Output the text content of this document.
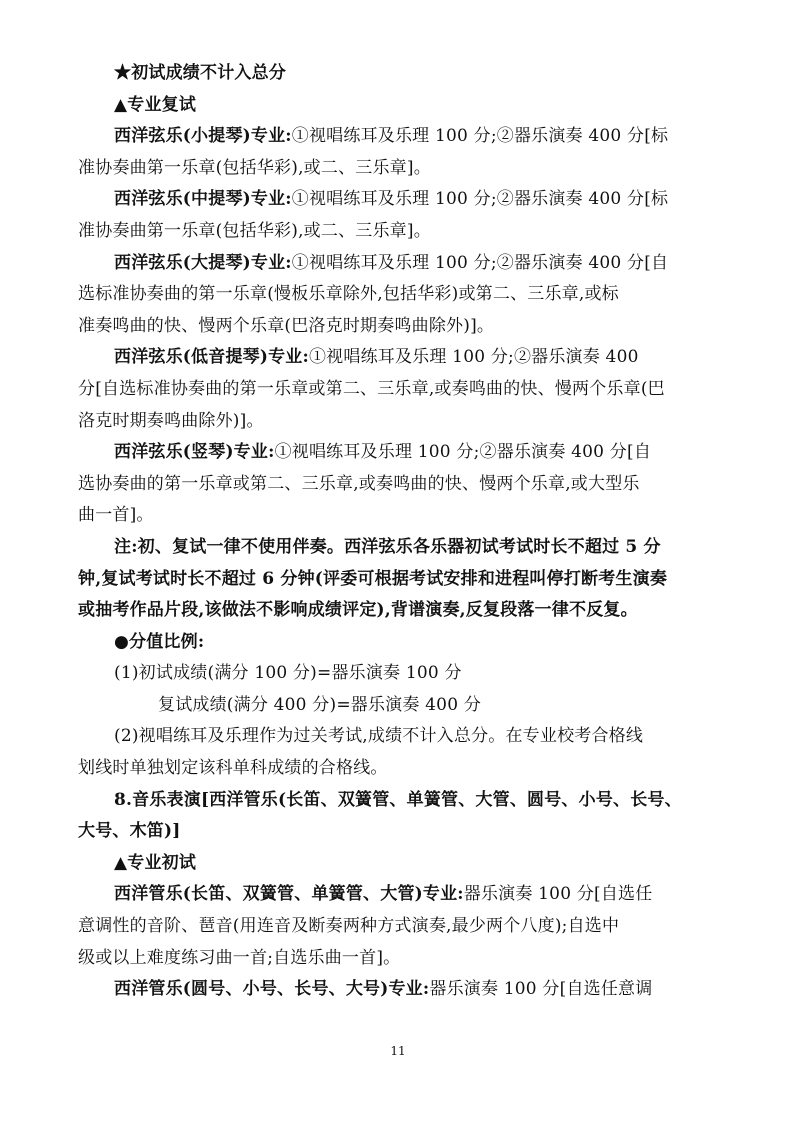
★初试成绩不计入总分
▲专业复试
西洋弦乐(小提琴)专业:①视唱练耳及乐理 100 分;②器乐演奏 400 分[标
准协奏曲第一乐章(包括华彩),或二、三乐章]。
西洋弦乐(中提琴)专业:①视唱练耳及乐理 100 分;②器乐演奏 400 分[标
准协奏曲第一乐章(包括华彩),或二、三乐章]。
西洋弦乐(大提琴)专业:①视唱练耳及乐理 100 分;②器乐演奏 400 分[自
选标准协奏曲的第一乐章(慢板乐章除外,包括华彩)或第二、三乐章,或标
准奏鸣曲的快、慢两个乐章(巴洛克时期奏鸣曲除外)]。
西洋弦乐(低音提琴)专业:①视唱练耳及乐理 100 分;②器乐演奏 400
分[自选标准协奏曲的第一乐章或第二、三乐章,或奏鸣曲的快、慢两个乐章(巴
洛克时期奏鸣曲除外)]。
西洋弦乐(竖琴)专业:①视唱练耳及乐理 100 分;②器乐演奏 400 分[自
选协奏曲的第一乐章或第二、三乐章,或奏鸣曲的快、慢两个乐章,或大型乐
曲一首]。
注:初、复试一律不使用伴奏。西洋弦乐各乐器初试考试时长不超过 5 分
钟,复试考试时长不超过 6 分钟(评委可根据考试安排和进程叫停打断考生演奏
或抽考作品片段,该做法不影响成绩评定),背谱演奏,反复段落一律不反复。
●分值比例:
(1)初试成绩(满分 100 分)=器乐演奏 100 分
复试成绩(满分 400 分)=器乐演奏 400 分
(2)视唱练耳及乐理作为过关考试,成绩不计入总分。在专业校考合格线
划线时单独划定该科单科成绩的合格线。
8.音乐表演[西洋管乐(长笛、双簧管、单簧管、大管、圆号、小号、长号、
大号、木笛)]
▲专业初试
西洋管乐(长笛、双簧管、单簧管、大管)专业:器乐演奏 100 分[自选任
意调性的音阶、琶音(用连音及断奏两种方式演奏,最少两个八度);自选中
级或以上难度练习曲一首;自选乐曲一首]。
西洋管乐(圆号、小号、长号、大号)专业:器乐演奏 100 分[自选任意调
11
